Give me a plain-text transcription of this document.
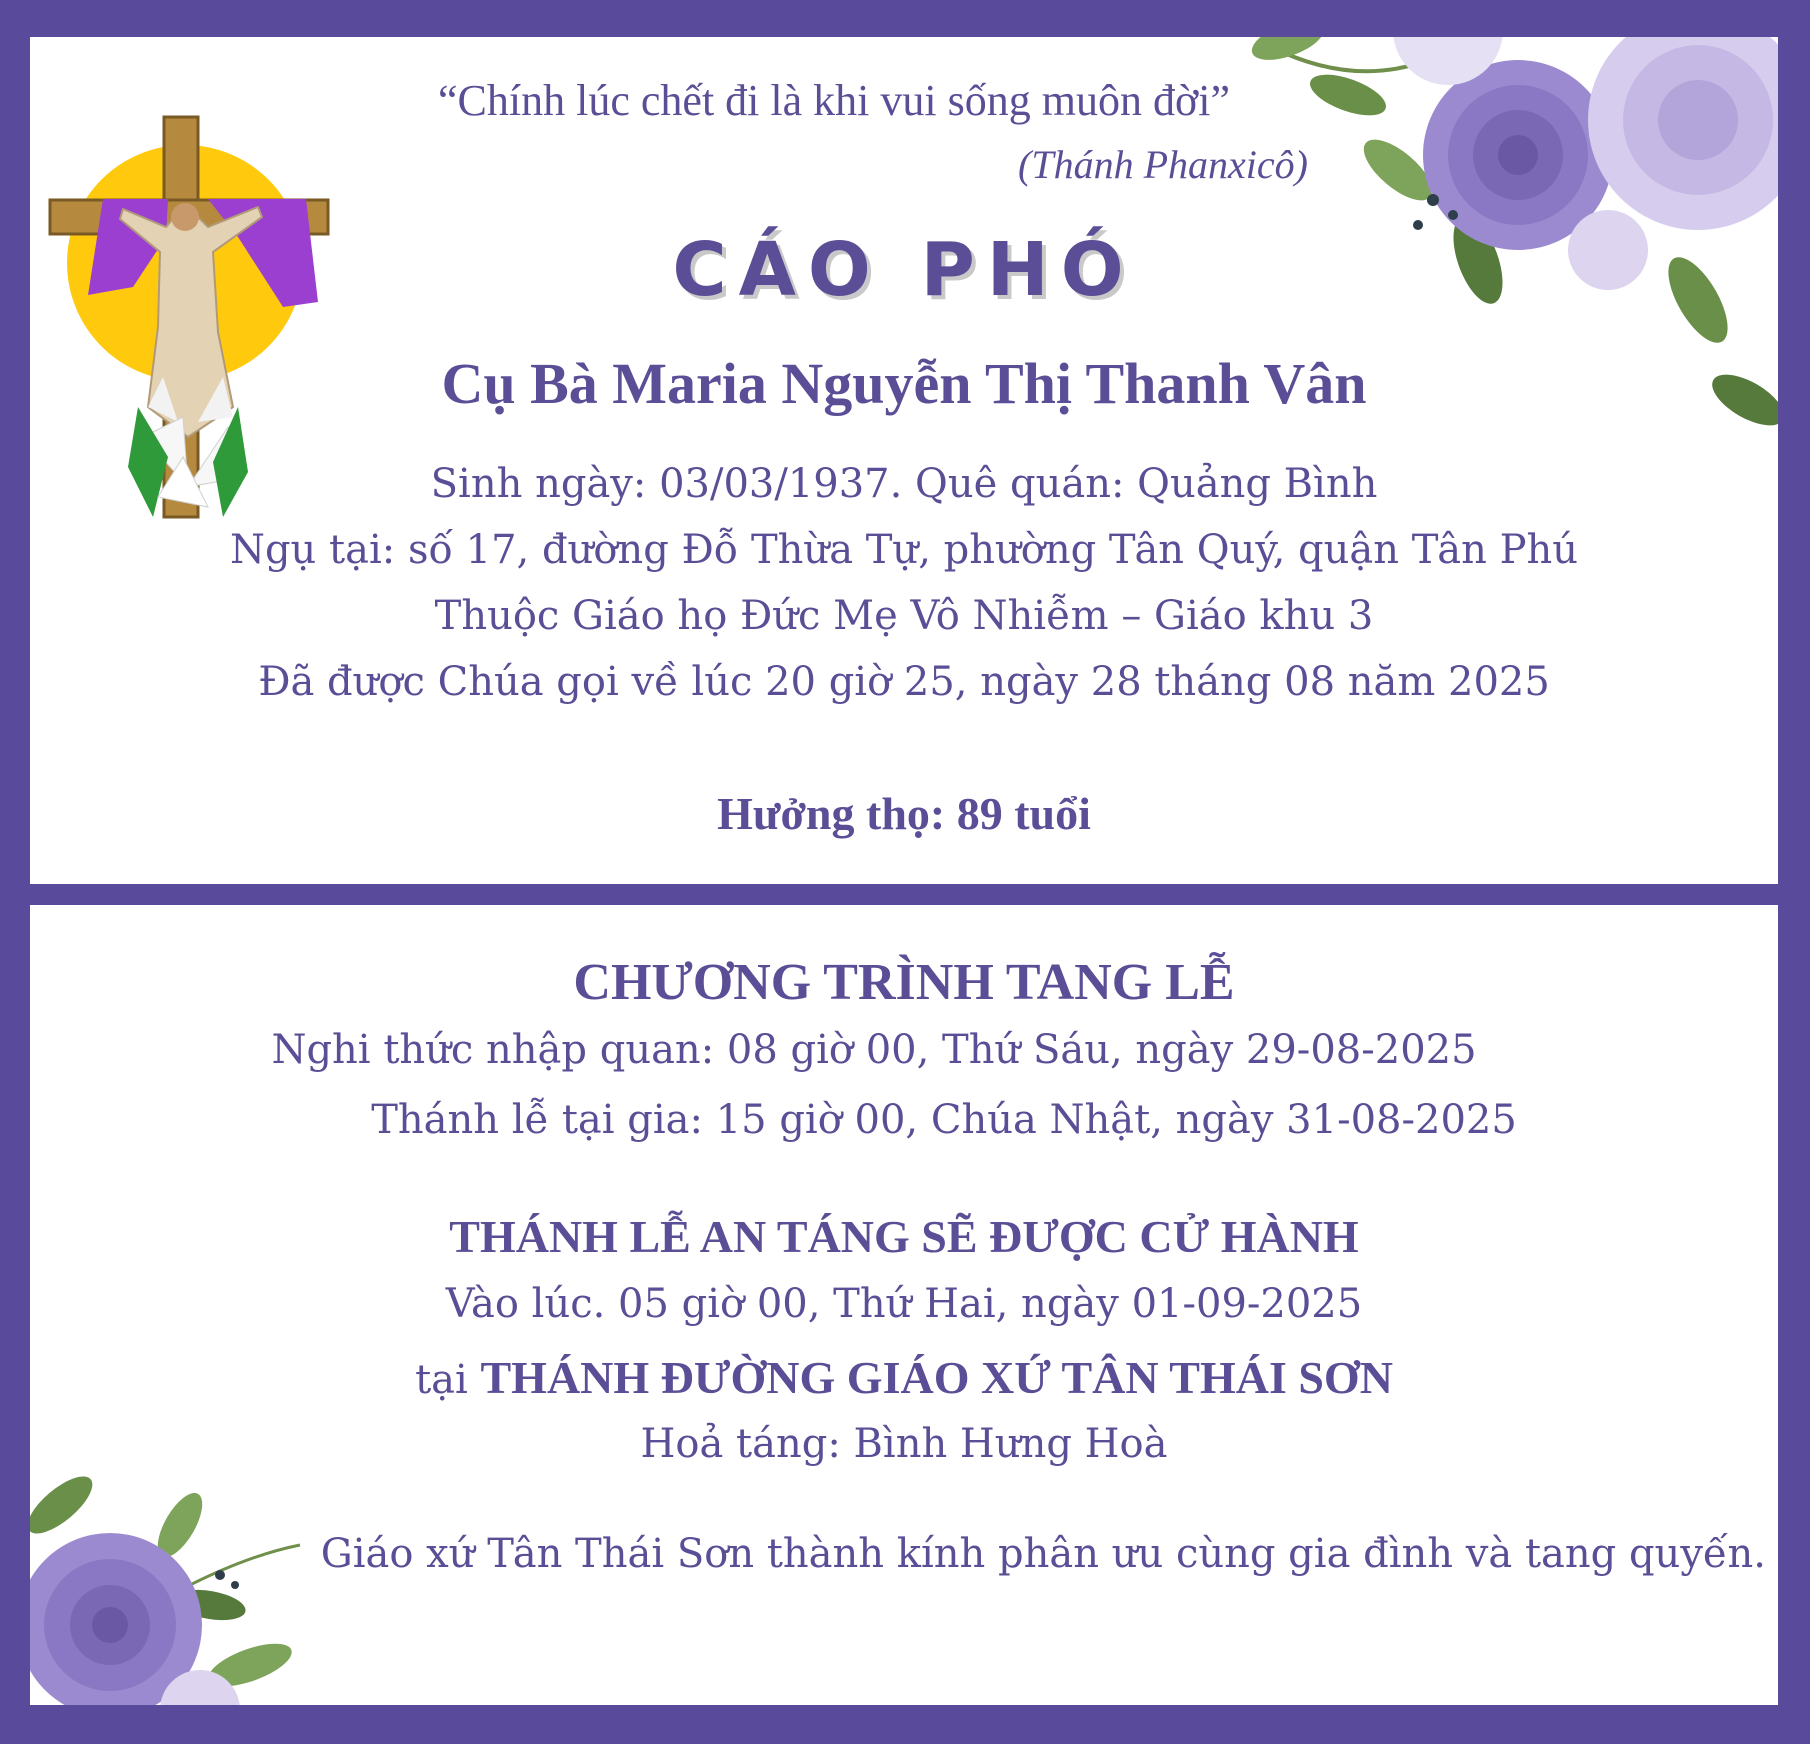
“Chính lúc chết đi là khi vui sống muôn đời”
(Thánh Phanxicô)
CÁO PHÓ
Cụ Bà Maria Nguyễn Thị Thanh Vân
Sinh ngày: 03/03/1937. Quê quán: Quảng Bình
Ngụ tại: số 17, đường Đỗ Thừa Tự, phường Tân Quý, quận Tân Phú
Thuộc Giáo họ Đức Mẹ Vô Nhiễm – Giáo khu 3
Đã được Chúa gọi về lúc 20 giờ 25, ngày 28 tháng 08 năm 2025
Hưởng thọ: 89 tuổi
CHƯƠNG TRÌNH TANG LỄ
Nghi thức nhập quan: 08 giờ 00, Thứ Sáu, ngày 29-08-2025
Thánh lễ tại gia: 15 giờ 00, Chúa Nhật, ngày 31-08-2025
THÁNH LỄ AN TÁNG SẼ ĐƯỢC CỬ HÀNH
Vào lúc. 05 giờ 00, Thứ Hai, ngày 01-09-2025
tại THÁNH ĐƯỜNG GIÁO XỨ TÂN THÁI SƠN
Hoả táng: Bình Hưng Hoà
Giáo xứ Tân Thái Sơn thành kính phân ưu cùng gia đình và tang quyến.
